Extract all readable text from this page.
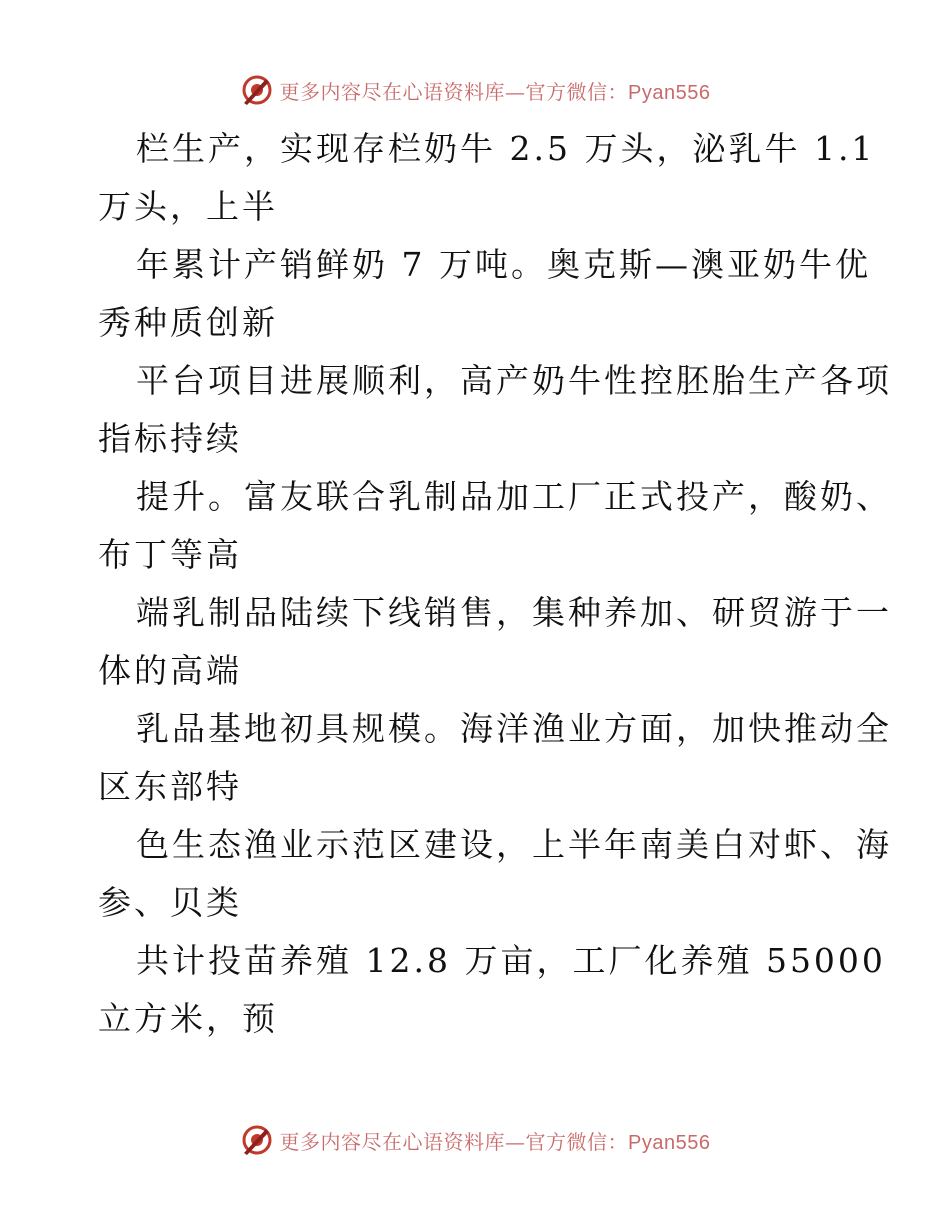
更多内容尽在心语资料库—官方微信：Pyan556
栏生产，实现存栏奶牛 2.5 万头，泌乳牛 1.1
万头，上半
年累计产销鲜奶 7 万吨。奥克斯—澳亚奶牛优
秀种质创新
平台项目进展顺利，高产奶牛性控胚胎生产各项
指标持续
提升。富友联合乳制品加工厂正式投产，酸奶、
布丁等高
端乳制品陆续下线销售，集种养加、研贸游于一
体的高端
乳品基地初具规模。海洋渔业方面，加快推动全
区东部特
色生态渔业示范区建设，上半年南美白对虾、海
参、贝类
共计投苗养殖 12.8 万亩，工厂化养殖 55000
立方米，预
更多内容尽在心语资料库—官方微信：Pyan556
